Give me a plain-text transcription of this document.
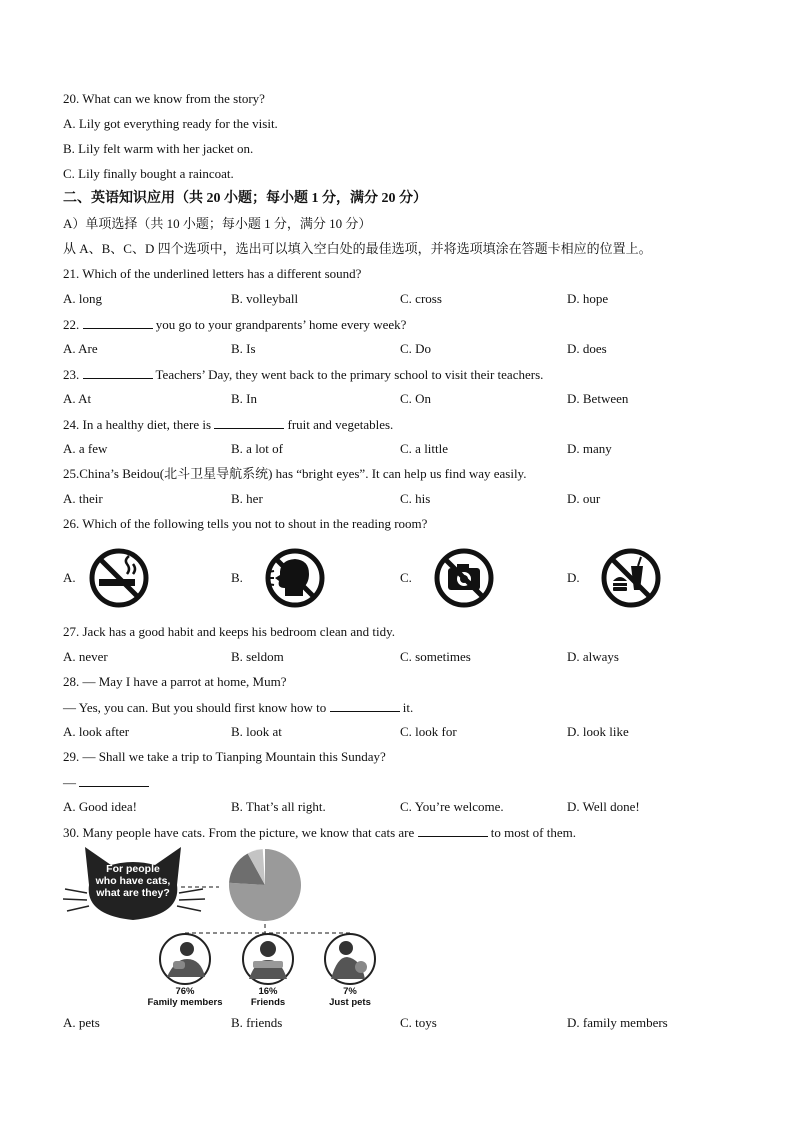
20. What can we know from the story?
A. Lily got everything ready for the visit.
B. Lily felt warm with her jacket on.
C. Lily finally bought a raincoat.
二、英语知识应用（共 20 小题；每小题 1 分，满分 20 分）
A）单项选择（共 10 小题；每小题 1 分，满分 10 分）
从 A、B、C、D 四个选项中，选出可以填入空白处的最佳选项，并将选项填涂在答题卡相应的位置上。
21. Which of the underlined letters has a different sound?
A. long	B. volleyball	C. cross	D. hope
22.	you go to your grandparents’ home every week?
A. Are	B. Is	C. Do	D. does
23.	Teachers’ Day, they went back to the primary school to visit their teachers.
A. At	B. In	C. On	D. Between
24. In a healthy diet, there is	fruit and vegetables.
A. a few	B. a lot of	C. a little	D. many
25.China’s Beidou(北斗卫星导航系统) has “bright eyes”. It can help us find way easily.
A. their	B. her	C. his	D. our
26. Which of the following tells you not to shout in the reading room?
A.	B.	C.	D.
27. Jack has a good habit and keeps his bedroom clean and tidy.
A. never	B. seldom	C. sometimes	D. always
28. — May I have a parrot at home, Mum?
— Yes, you can. But you should first know how to	it.
A. look after	B. look at	C. look for	D. look like
29. — Shall we take a trip to Tianping Mountain this Sunday?
—
A. Good idea!	B. That’s all right.	C. You’re welcome.	D. Well done!
30. Many people have cats. From the picture, we know that cats are	to most of them.
For people who have cats, what are they?
76%
Family members
16%
Friends
7%
Just pets
A. pets	B. friends	C. toys	D. family members
